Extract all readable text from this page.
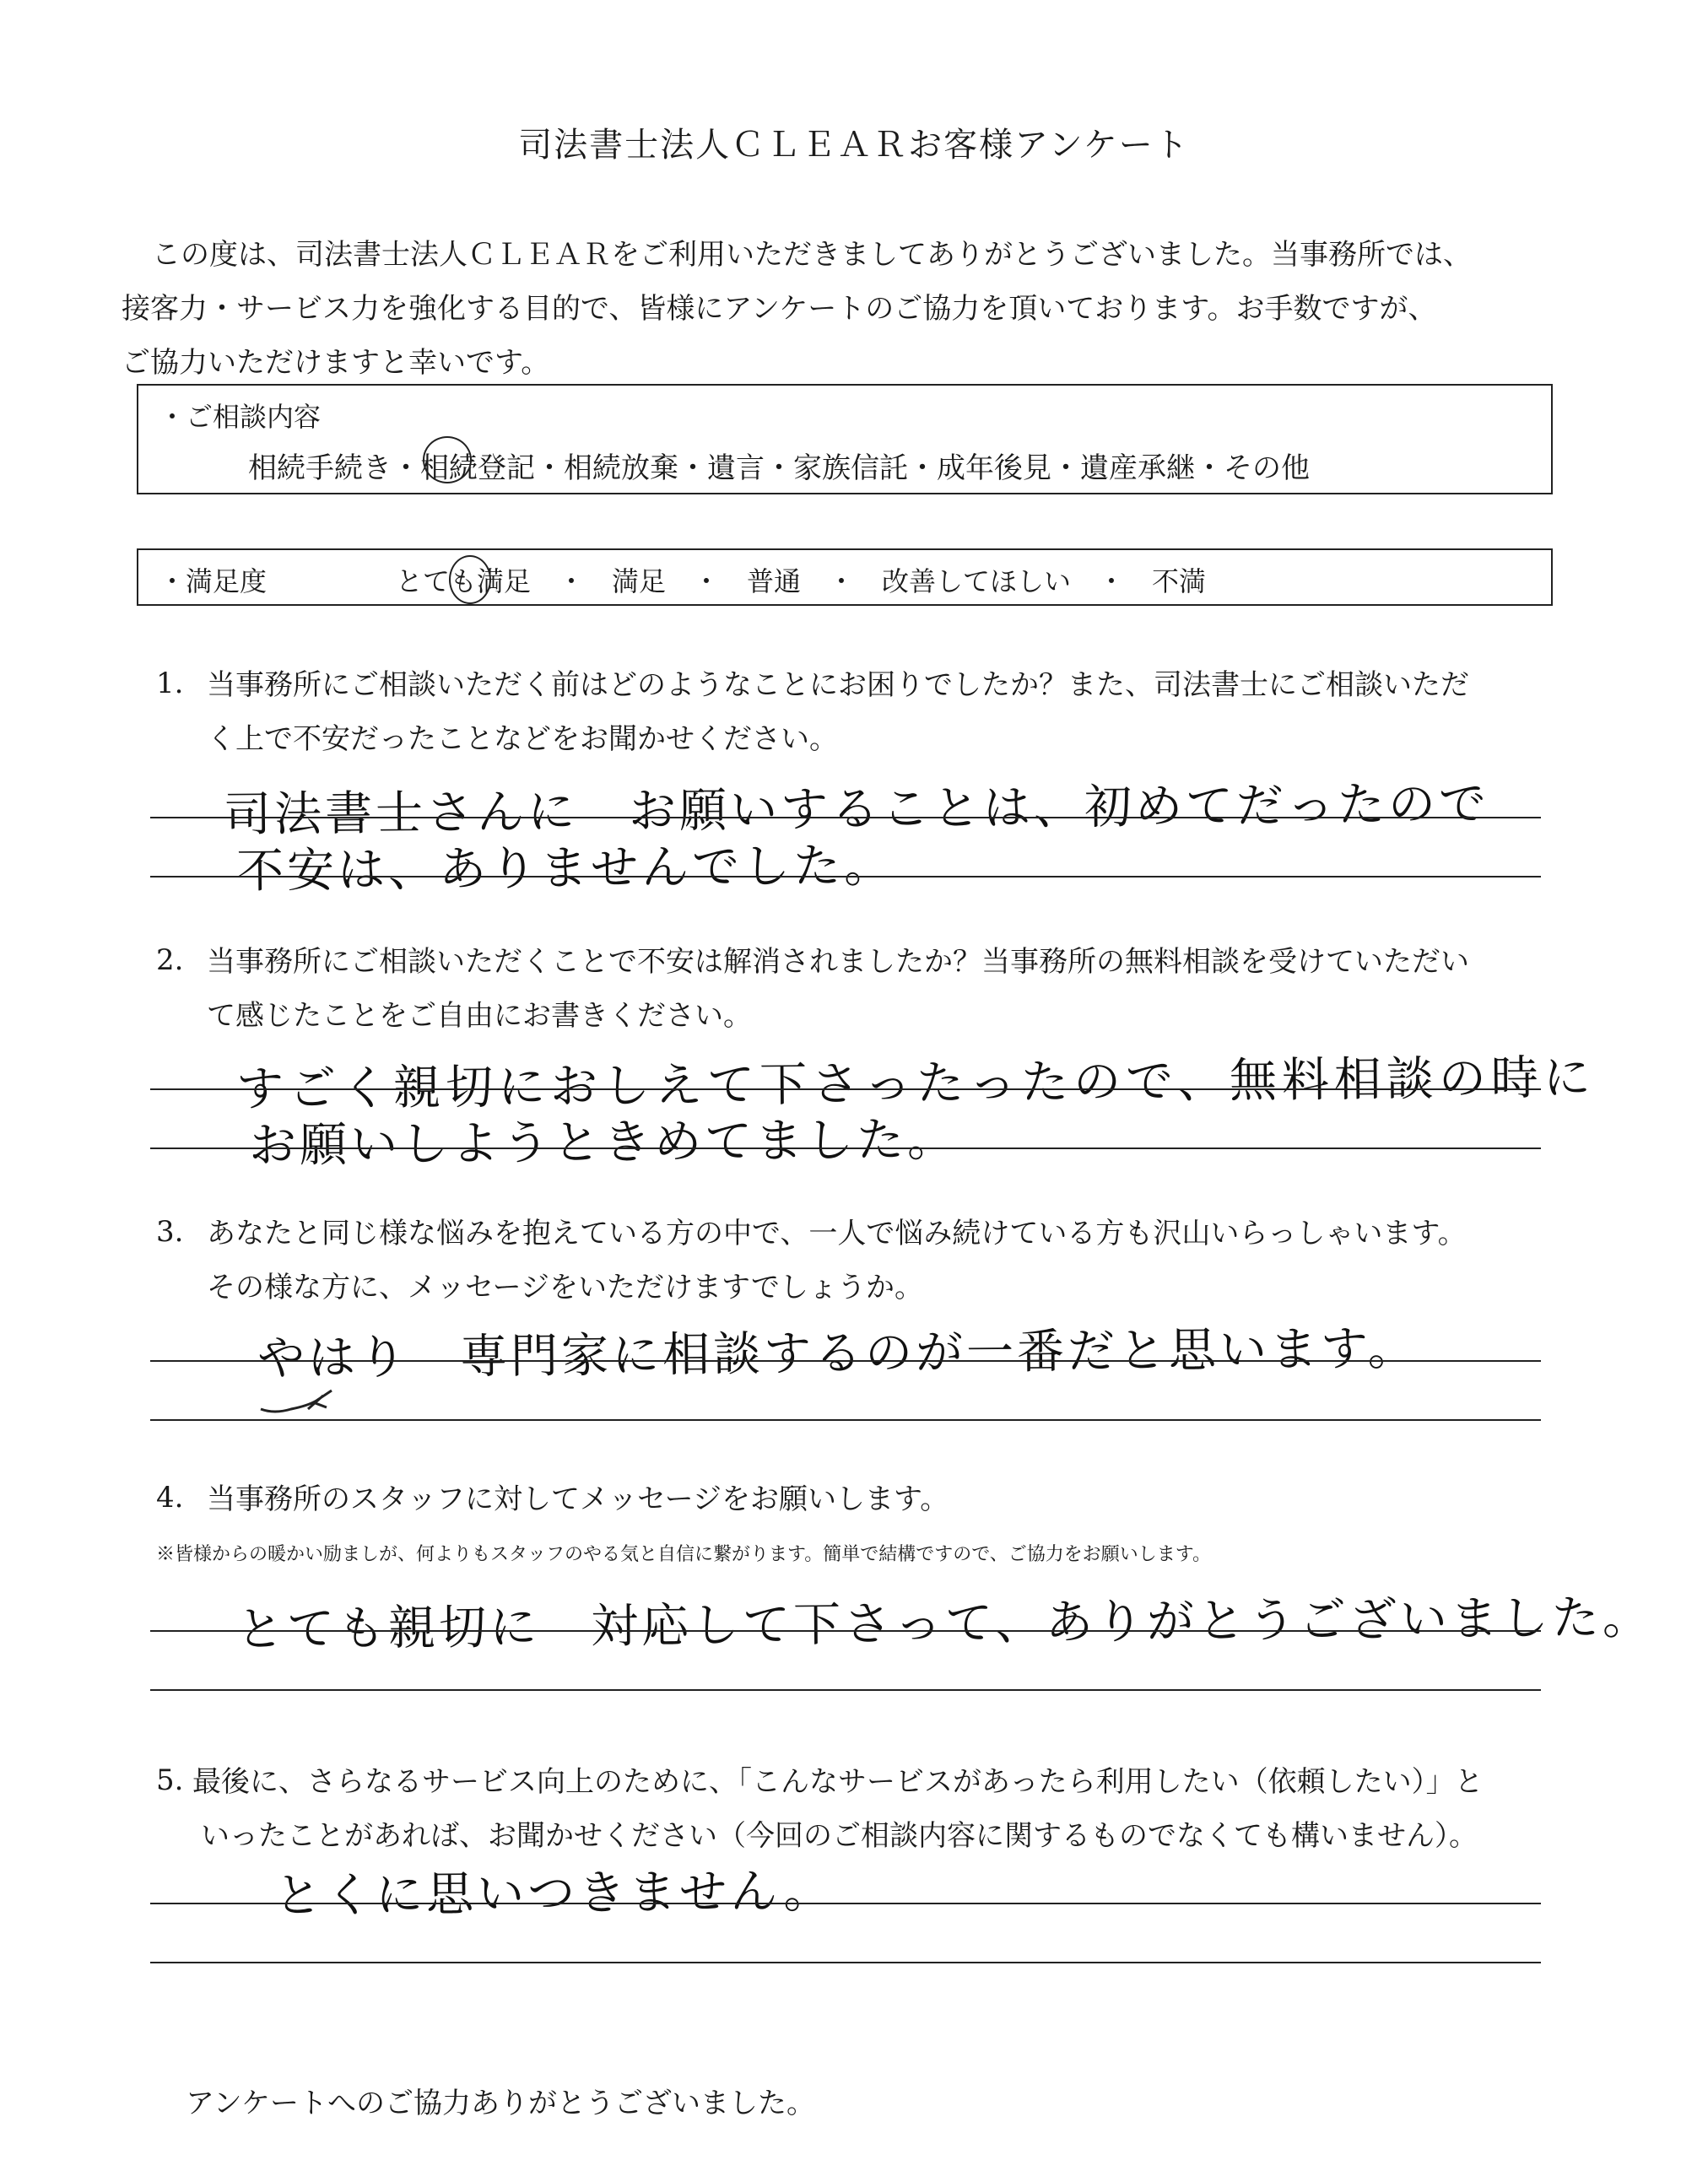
司法書士法人ＣＬＥＡＲお客様アンケート

この度は、司法書士法人ＣＬＥＡＲをご利用いただきましてありがとうございました。当事務所では、

接客力・サービス力を強化する目的で、皆様にアンケートのご協力を頂いております。お手数ですが、

ご協力いただけますと幸いです。

・ご相談内容
相続手続き・相続登記・相続放棄・遺言・家族信託・成年後見・遺産承継・その他
・満足度	とても満足　・　満足　・　普通　・　改善してほしい　・　不満
1. 当事務所にご相談いただく前はどのようなことにお困りでしたか？また、司法書士にご相談いただ

く上で不安だったことなどをお聞かせください。

司法書士さんに　お願いすることは、初めてだったので
不安は、ありませんでした。
2. 当事務所にご相談いただくことで不安は解消されましたか？当事務所の無料相談を受けていただい

て感じたことをご自由にお書きください。

すごく親切におしえて下さったったので、無料相談の時に
お願いしようときめてました。
3. あなたと同じ様な悩みを抱えている方の中で、一人で悩み続けている方も沢山いらっしゃいます。

その様な方に、メッセージをいただけますでしょうか。

やはり　専門家に相談するのが一番だと思います。
4. 当事務所のスタッフに対してメッセージをお願いします。

※皆様からの暖かい励ましが、何よりもスタッフのやる気と自信に繋がります。簡単で結構ですので、ご協力をお願いします。
とても親切に　対応して下さって、ありがとうございました。
5. 最後に、さらなるサービス向上のために、「こんなサービスがあったら利用したい（依頼したい）」と

いったことがあれば、お聞かせください（今回のご相談内容に関するものでなくても構いません）。

とくに思いつきません。
アンケートへのご協力ありがとうございました。
